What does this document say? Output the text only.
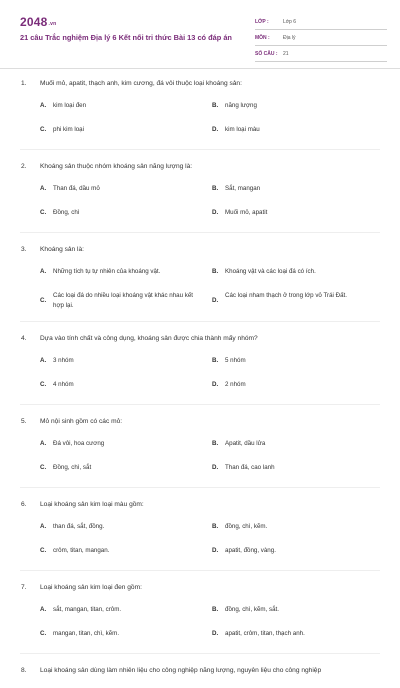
2048.vn
21 câu Trắc nghiệm Địa lý 6 Kết nối tri thức Bài 13 có đáp án
LỚP :	Lớp 6
MÔN :	Địa lý
SỐ CÂU : 21
1. Muối mỏ, apatit, thạch anh, kim cương, đá vôi thuộc loại khoáng sản:
A. kim loại đen	B. năng lượng
C. phi kim loại	D. kim loại màu
2. Khoáng sản thuộc nhóm khoáng sản năng lượng là:
A. Than đá, dầu mỏ	B. Sắt, mangan
C. Đồng, chì	D. Muối mỏ, apatit
3. Khoáng sản là:
A. Những tích tụ tự nhiên của khoáng vật.	B. Khoáng vật và các loại đá có ích.
C.
Các loại đá do nhiều loại khoáng vật khác nhau kết hợp lại.
D.
Các loại nham thạch ở trong lớp vỏ Trái Đất.
4. Dựa vào tính chất và công dụng, khoáng sản được chia thành mấy nhóm?
A. 3 nhóm	B. 5 nhóm
C. 4 nhóm	D. 2 nhóm
5. Mỏ nội sinh gồm có các mỏ:
A. Đá vôi, hoa cương	B. Apatit, dầu lửa
C. Đồng, chì, sắt	D. Than đá, cao lanh
6. Loại khoáng sản kim loại màu gồm:
A. than đá, sắt, đồng.	B. đồng, chì, kẽm.
C. crôm, titan, mangan.	D. apatit, đồng, vàng.
7. Loại khoáng sản kim loại đen gồm:
A. sắt, mangan, titan, crôm.	B. đồng, chì, kẽm, sắt.
C. mangan, titan, chì, kẽm.	D. apatit, crôm, titan, thạch anh.
8. Loại khoáng sản dùng làm nhiên liệu cho công nghiệp năng lượng, nguyên liệu cho công nghiệp
